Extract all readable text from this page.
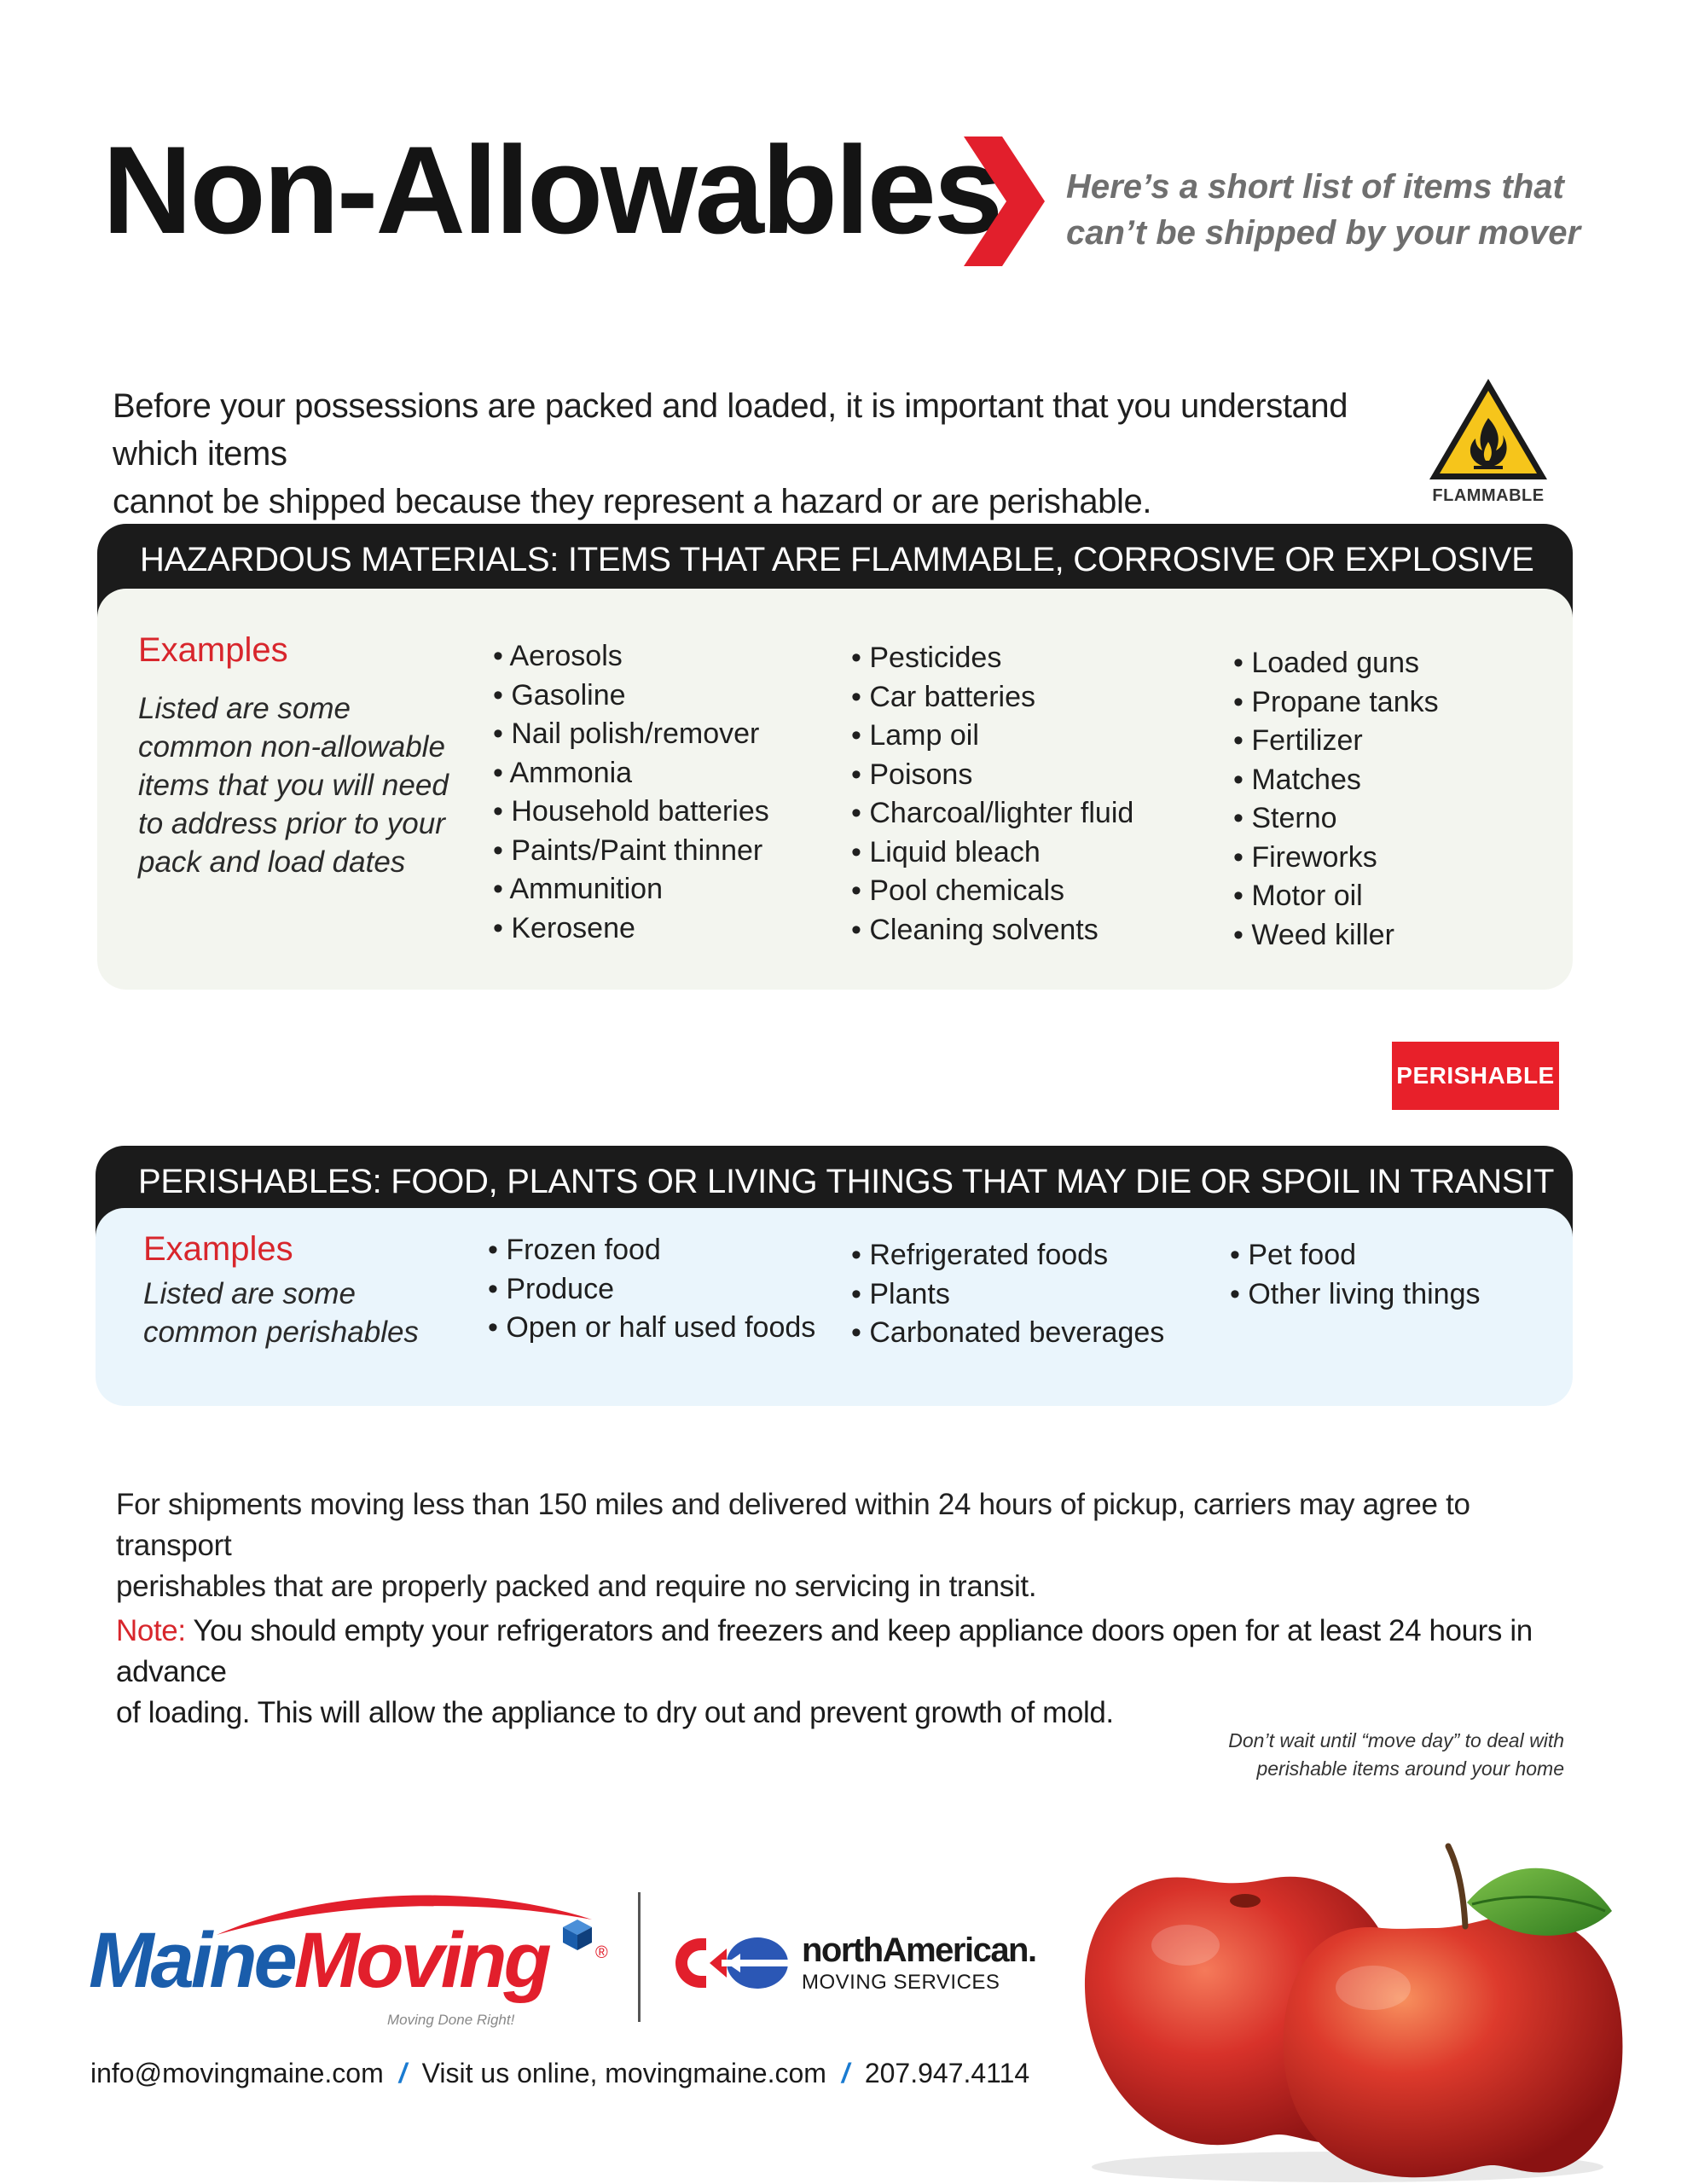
Non-Allowables Here’s a short list of items that
can’t be shipped by your mover
Before your possessions are packed and loaded, it is important that you understand which items
cannot be shipped because they represent a hazard or are perishable.	FLAMMABLE
HAZARDOUS MATERIALS: ITEMS THAT ARE FLAMMABLE, CORROSIVE OR EXPLOSIVE
Examples
Listed are some
common non-allowable
items that you will need
to address prior to your
pack and load dates
• Aerosols
• Gasoline
• Nail polish/remover
• Ammonia
• Household batteries
• Paints/Paint thinner
• Ammunition
• Kerosene
• Pesticides
• Car batteries
• Lamp oil
• Poisons
• Charcoal/lighter fluid
• Liquid bleach
• Pool chemicals
• Cleaning solvents
• Loaded guns
• Propane tanks
• Fertilizer
• Matches
• Sterno
• Fireworks
• Motor oil
• Weed killer
PERISHABLE
PERISHABLES: FOOD, PLANTS OR LIVING THINGS THAT MAY DIE OR SPOIL IN TRANSIT
Examples
Listed are some
common perishables
• Frozen food
• Produce
• Open or half used foods
• Refrigerated foods
• Plants
• Carbonated beverages
• Pet food
• Other living things
For shipments moving less than 150 miles and delivered within 24 hours of pickup, carriers may agree to transport
perishables that are properly packed and require no servicing in transit.
Note: You should empty your refrigerators and freezers and keep appliance doors open for at least 24 hours in advance
of loading. This will allow the appliance to dry out and prevent growth of mold.
Don’t wait until “move day” to deal with
perishable items around your home
MaineMoving	®
Moving Done Right!
northAmerican.
MOVING SERVICES
info@movingmaine.com / Visit us online, movingmaine.com / 207.947.4114
